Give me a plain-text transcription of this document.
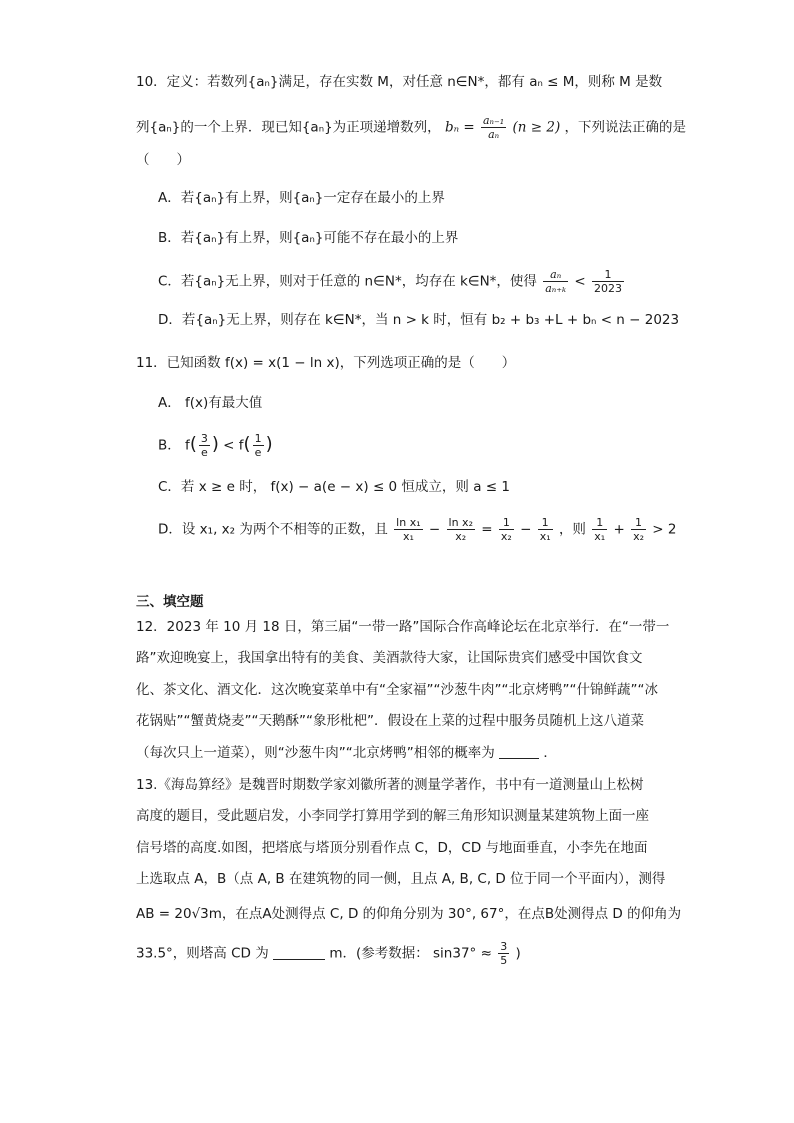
10．定义：若数列{aₙ}满足，存在实数 M，对任意 n∈N*，都有 aₙ ≤ M，则称 M 是数
列{aₙ}的一个上界．现已知{aₙ}为正项递增数列， $b_n = \frac{\text{aₙ₋₁}}{\text{aₙ}} (n \ge 2)$ ，下列说法正确的是
（　　）
A．若{aₙ}有上界，则{aₙ}一定存在最小的上界
B．若{aₙ}有上界，则{aₙ}可能不存在最小的上界
C．若{aₙ}无上界，则对于任意的 n∈N*，均存在 k∈N*，使得 $\frac{\text{aₙ}}{\text{aₙ₊ₖ}} < \frac{1}{2023}$
D．若{aₙ}无上界，则存在 k∈N*，当 n > k 时，恒有 b₂ + b₃ +L + bₙ < n − 2023
11．已知函数 f(x) = x(1 − ln x)，下列选项正确的是（　　）
A． f(x)有最大值
B． $f( \frac{3}{e}$ ) < $f( \frac{1}{e}$ )
C．若 x ≥ e 时， f(x) − a(e − x) ≤ 0 恒成立，则 a ≤ 1
D．设 x₁, x₂ 为两个不相等的正数，且 $\frac{\text{ln x₁}}{\text{x₁}} - \frac{\text{ln x₂}}{\text{x₂}} = \frac{1}{\text{x₂}} - \frac{1}{\text{x₁}}$ ，则 $\frac{1}{\text{x₁}} + \frac{1}{\text{x₂}} > 2$
三、填空题
12．2023 年 10 月 18 日，第三届“一带一路”国际合作高峰论坛在北京举行．在“一带一
路”欢迎晚宴上，我国拿出特有的美食、美酒款待大家，让国际贵宾们感受中国饮食文
化、茶文化、酒文化．这次晚宴菜单中有“全家福”“沙葱牛肉”“北京烤鸭”“什锦鲜蔬”“冰
花锅贴”“蟹黄烧麦”“天鹅酥”“象形枇杷”．假设在上菜的过程中服务员随机上这八道菜
（每次只上一道菜），则“沙葱牛肉”“北京烤鸭”相邻的概率为	．
13.《海岛算经》是魏晋时期数学家刘徽所著的测量学著作，书中有一道测量山上松树
高度的题目，受此题启发，小李同学打算用学到的解三角形知识测量某建筑物上面一座
信号塔的高度.如图，把塔底与塔顶分别看作点 C，D，CD 与地面垂直，小李先在地面
上选取点 A，B（点 A, B 在建筑物的同一侧，且点 A, B, C, D 位于同一个平面内），测得
AB = 20√3m，在点A处测得点 C, D 的仰角分别为 30°, 67°，在点B处测得点 D 的仰角为
33.5°，则塔高 CD 为	m．(参考数据： $\sin 37^\circ \approx \frac{3}{5}$ )
